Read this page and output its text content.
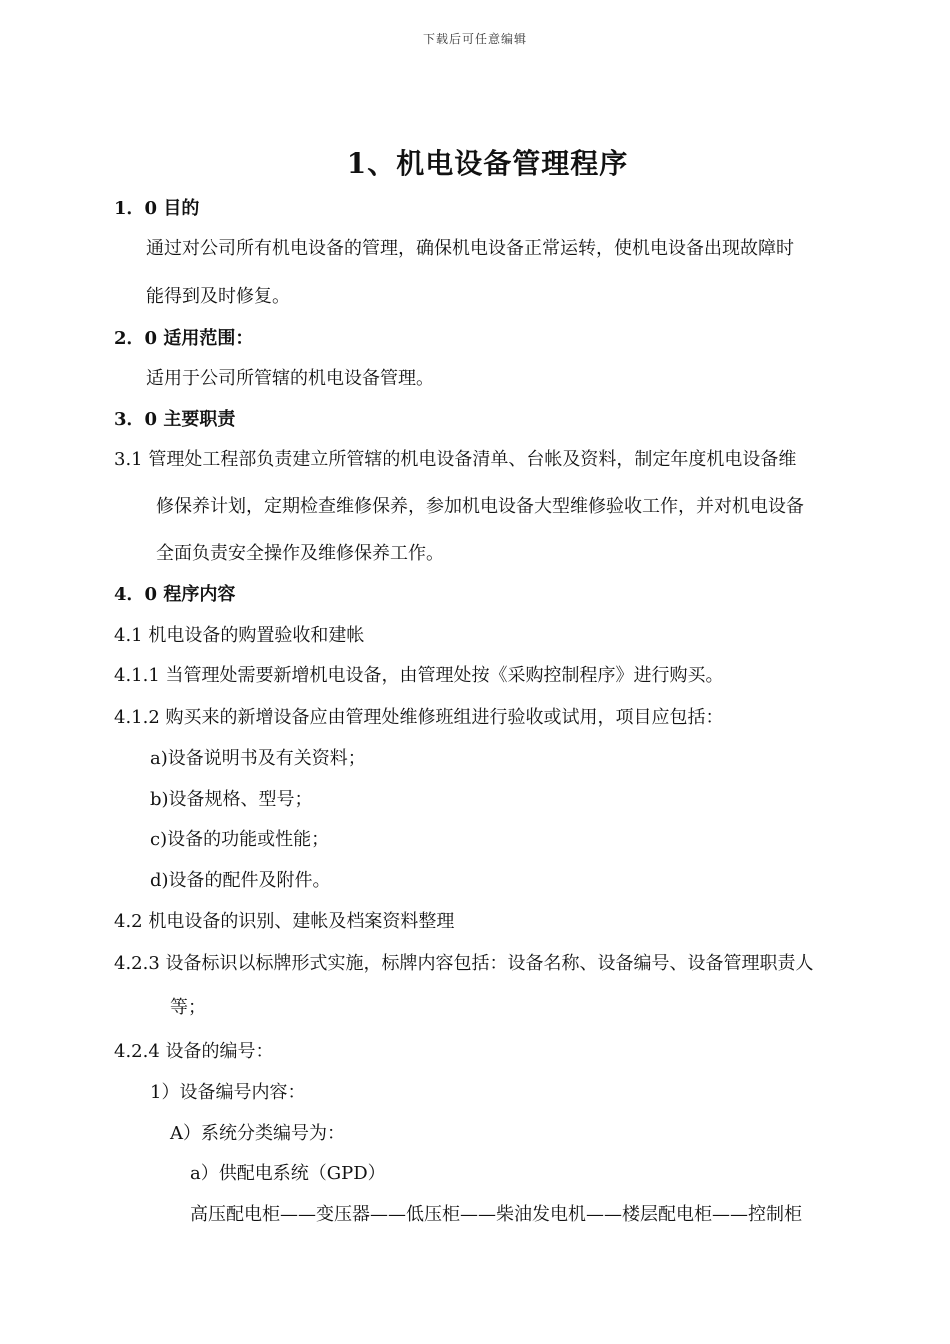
下载后可任意编辑
1、机电设备管理程序
1．0 目的
通过对公司所有机电设备的管理，确保机电设备正常运转，使机电设备出现故障时
能得到及时修复。
2．0 适用范围：
适用于公司所管辖的机电设备管理。
3．0 主要职责
3.1 管理处工程部负责建立所管辖的机电设备清单、台帐及资料，制定年度机电设备维
修保养计划，定期检查维修保养，参加机电设备大型维修验收工作，并对机电设备
全面负责安全操作及维修保养工作。
4．0 程序内容
4.1 机电设备的购置验收和建帐
4.1.1 当管理处需要新增机电设备，由管理处按《采购控制程序》进行购买。
4.1.2 购买来的新增设备应由管理处维修班组进行验收或试用，项目应包括：
a)设备说明书及有关资料；
b)设备规格、型号；
c)设备的功能或性能；
d)设备的配件及附件。
4.2 机电设备的识别、建帐及档案资料整理
4.2.3 设备标识以标牌形式实施，标牌内容包括：设备名称、设备编号、设备管理职责人
等；
4.2.4 设备的编号：
1）设备编号内容：
A）系统分类编号为：
a）供配电系统（GPD）
高压配电柜——变压器——低压柜——柴油发电机——楼层配电柜——控制柜
